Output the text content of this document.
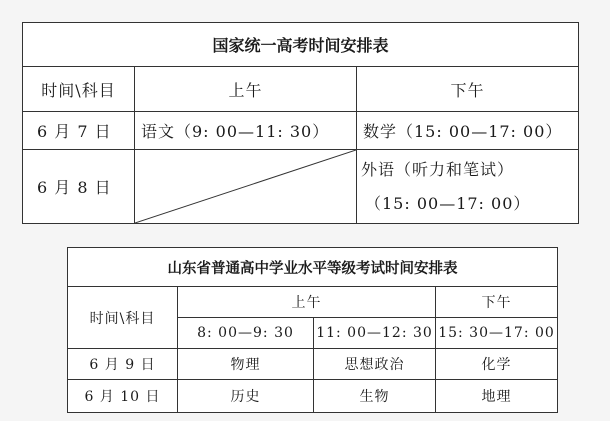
国家统一高考时间安排表		
时间\科目	上午	下午
6 月 7 日	语文（9: 00—11: 30）	数学（15: 00—17: 00）
6 月 8 日		外语（听力和笔试）
（15: 00—17: 00）
山东省普通高中学业水平等级考试时间安排表			
时间\科目	上午		下午
	8: 00—9: 30	11: 00—12: 30	15: 30—17: 00
6 月 9 日	物理	思想政治	化学
6 月 10 日	历史	生物	地理
